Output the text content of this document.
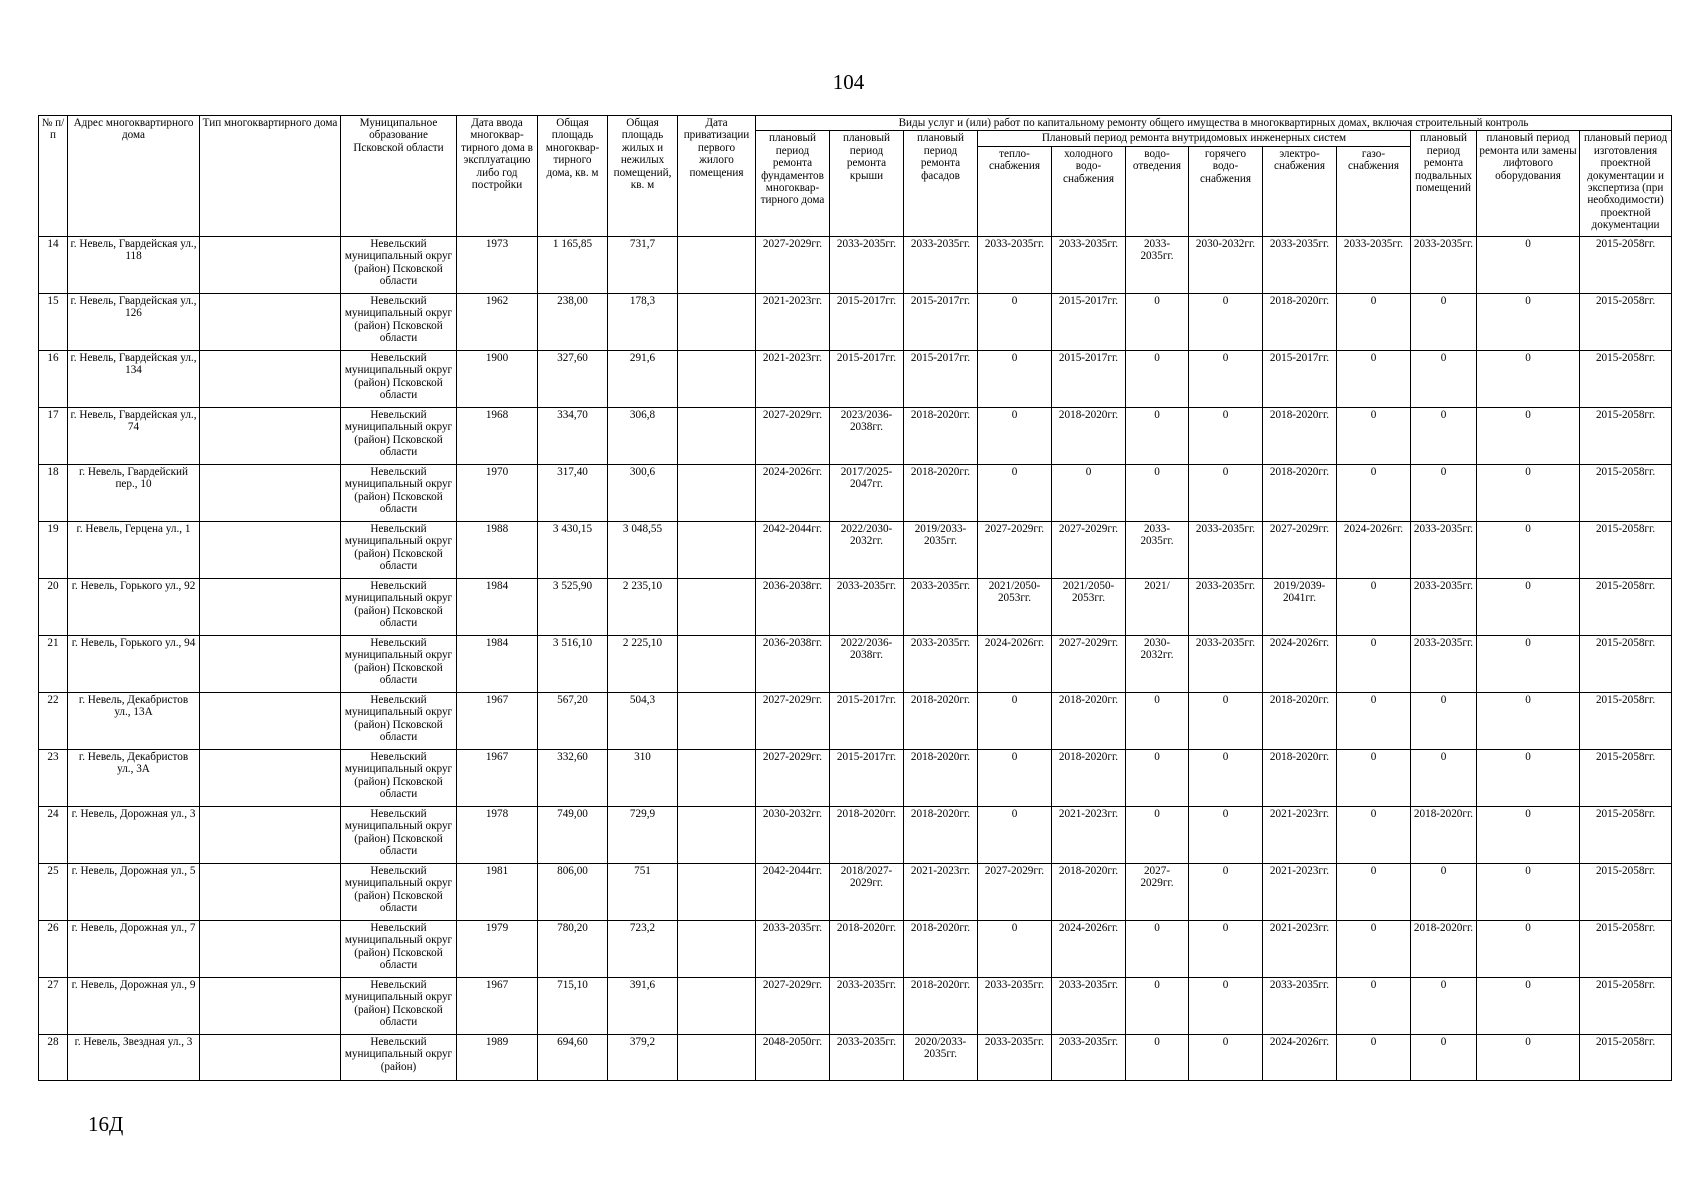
104
№ п/п	Адрес многоквартирного дома	Тип многоквартирного дома	Муниципальное образование Псковской области	Дата ввода многоквар-тирного дома в эксплуатацию либо год постройки	Общая площадь многоквар-тирного дома, кв. м	Общая площадь жилых и нежилых помещений, кв. м	Дата приватизации первого жилого помещения	Виды услуг и (или) работ по капитальному ремонту общего имущества в многоквартирных домах, включая строительный контроль											
								плановый период ремонта фундаментов многоквар-тирного дома	плановый период ремонта крыши	плановый период ремонта фасадов	Плановый период ремонта внутридомовых инженерных систем						плановый период ремонта подвальных помещений	плановый период ремонта или замены лифтового оборудования	плановый период изготовления проектной документации и экспертиза (при необходимости) проектной документации
											тепло-снабжения	холодного водо-снабжения	водо-отведения	горячего водо-снабжения	электро-снабжения	газо-снабжения			
14	г. Невель, Гвардейская ул., 118		Невельский муниципальный округ (район) Псковской области	1973	1 165,85	731,7		2027-2029гг.	2033-2035гг.	2033-2035гг.	2033-2035гг.	2033-2035гг.	2033-2035гг.	2030-2032гг.	2033-2035гг.	2033-2035гг.	2033-2035гг.	0	2015-2058гг.
15	г. Невель, Гвардейская ул., 126		Невельский муниципальный округ (район) Псковской области	1962	238,00	178,3		2021-2023гг.	2015-2017гг.	2015-2017гг.	0	2015-2017гг.	0	0	2018-2020гг.	0	0	0	2015-2058гг.
16	г. Невель, Гвардейская ул., 134		Невельский муниципальный округ (район) Псковской области	1900	327,60	291,6		2021-2023гг.	2015-2017гг.	2015-2017гг.	0	2015-2017гг.	0	0	2015-2017гг.	0	0	0	2015-2058гг.
17	г. Невель, Гвардейская ул., 74		Невельский муниципальный округ (район) Псковской области	1968	334,70	306,8		2027-2029гг.	2023/2036-2038гг.	2018-2020гг.	0	2018-2020гг.	0	0	2018-2020гг.	0	0	0	2015-2058гг.
18	г. Невель, Гвардейский пер., 10		Невельский муниципальный округ (район) Псковской области	1970	317,40	300,6		2024-2026гг.	2017/2025-2047гг.	2018-2020гг.	0	0	0	0	2018-2020гг.	0	0	0	2015-2058гг.
19	г. Невель, Герцена ул., 1		Невельский муниципальный округ (район) Псковской области	1988	3 430,15	3 048,55		2042-2044гг.	2022/2030-2032гг.	2019/2033-2035гг.	2027-2029гг.	2027-2029гг.	2033-2035гг.	2033-2035гг.	2027-2029гг.	2024-2026гг.	2033-2035гг.	0	2015-2058гг.
20	г. Невель, Горького ул., 92		Невельский муниципальный округ (район) Псковской области	1984	3 525,90	2 235,10		2036-2038гг.	2033-2035гг.	2033-2035гг.	2021/2050-2053гг.	2021/2050-2053гг.	2021/	2033-2035гг.	2019/2039-2041гг.	0	2033-2035гг.	0	2015-2058гг.
21	г. Невель, Горького ул., 94		Невельский муниципальный округ (район) Псковской области	1984	3 516,10	2 225,10		2036-2038гг.	2022/2036-2038гг.	2033-2035гг.	2024-2026гг.	2027-2029гг.	2030-2032гг.	2033-2035гг.	2024-2026гг.	0	2033-2035гг.	0	2015-2058гг.
22	г. Невель, Декабристов ул., 13А		Невельский муниципальный округ (район) Псковской области	1967	567,20	504,3		2027-2029гг.	2015-2017гг.	2018-2020гг.	0	2018-2020гг.	0	0	2018-2020гг.	0	0	0	2015-2058гг.
23	г. Невель, Декабристов ул., 3А		Невельский муниципальный округ (район) Псковской области	1967	332,60	310		2027-2029гг.	2015-2017гг.	2018-2020гг.	0	2018-2020гг.	0	0	2018-2020гг.	0	0	0	2015-2058гг.
24	г. Невель, Дорожная ул., 3		Невельский муниципальный округ (район) Псковской области	1978	749,00	729,9		2030-2032гг.	2018-2020гг.	2018-2020гг.	0	2021-2023гг.	0	0	2021-2023гг.	0	2018-2020гг.	0	2015-2058гг.
25	г. Невель, Дорожная ул., 5		Невельский муниципальный округ (район) Псковской области	1981	806,00	751		2042-2044гг.	2018/2027-2029гг.	2021-2023гг.	2027-2029гг.	2018-2020гг.	2027-2029гг.	0	2021-2023гг.	0	0	0	2015-2058гг.
26	г. Невель, Дорожная ул., 7		Невельский муниципальный округ (район) Псковской области	1979	780,20	723,2		2033-2035гг.	2018-2020гг.	2018-2020гг.	0	2024-2026гг.	0	0	2021-2023гг.	0	2018-2020гг.	0	2015-2058гг.
27	г. Невель, Дорожная ул., 9		Невельский муниципальный округ (район) Псковской области	1967	715,10	391,6		2027-2029гг.	2033-2035гг.	2018-2020гг.	2033-2035гг.	2033-2035гг.	0	0	2033-2035гг.	0	0	0	2015-2058гг.
28	г. Невель, Звездная ул., 3		Невельский муниципальный округ (район)	1989	694,60	379,2		2048-2050гг.	2033-2035гг.	2020/2033-2035гг.	2033-2035гг.	2033-2035гг.	0	0	2024-2026гг.	0	0	0	2015-2058гг.
16Д
